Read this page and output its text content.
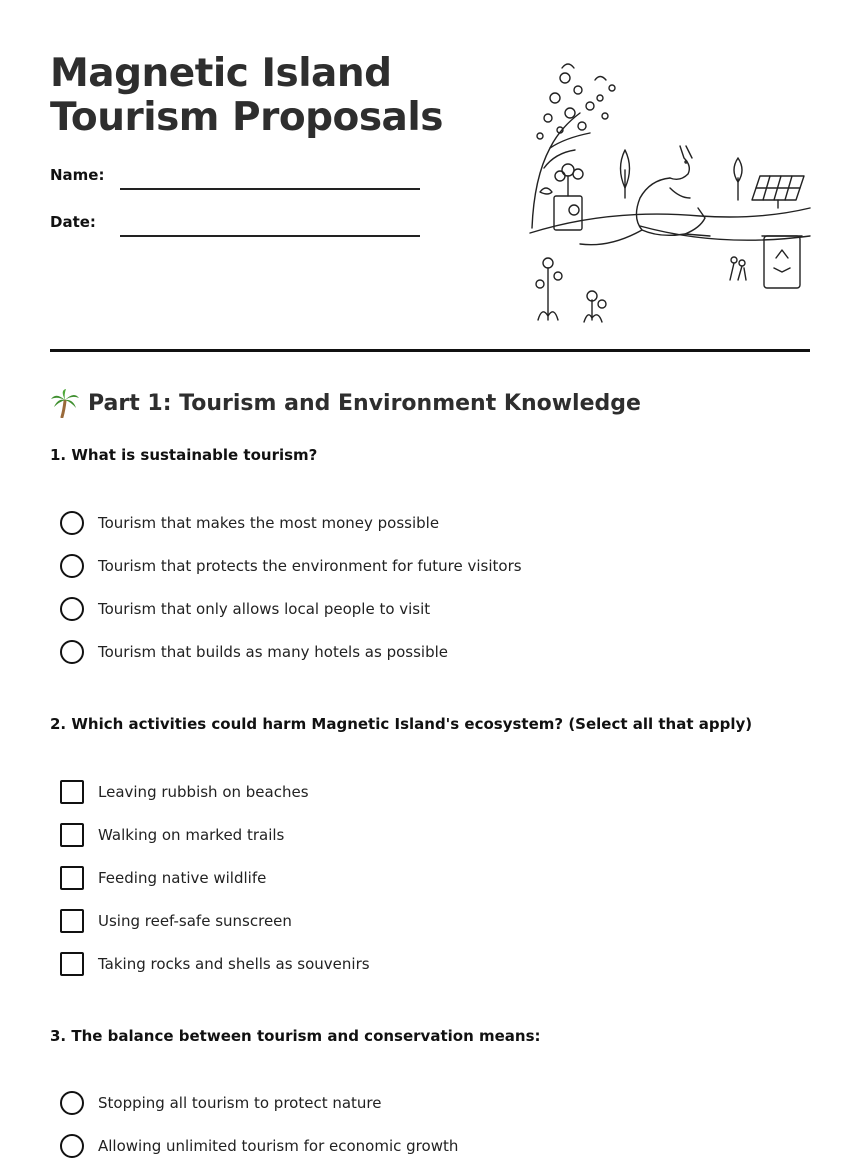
Magnetic Island
Tourism Proposals
Name:
Date:
Part 1: Tourism and Environment Knowledge

1. What is sustainable tourism?

Tourism that makes the most money possible
Tourism that protects the environment for future visitors
Tourism that only allows local people to visit
Tourism that builds as many hotels as possible

2. Which activities could harm Magnetic Island's ecosystem? (Select all that apply)

Leaving rubbish on beaches
Walking on marked trails
Feeding native wildlife
Using reef-safe sunscreen
Taking rocks and shells as souvenirs

3. The balance between tourism and conservation means:

Stopping all tourism to protect nature
Allowing unlimited tourism for economic growth
